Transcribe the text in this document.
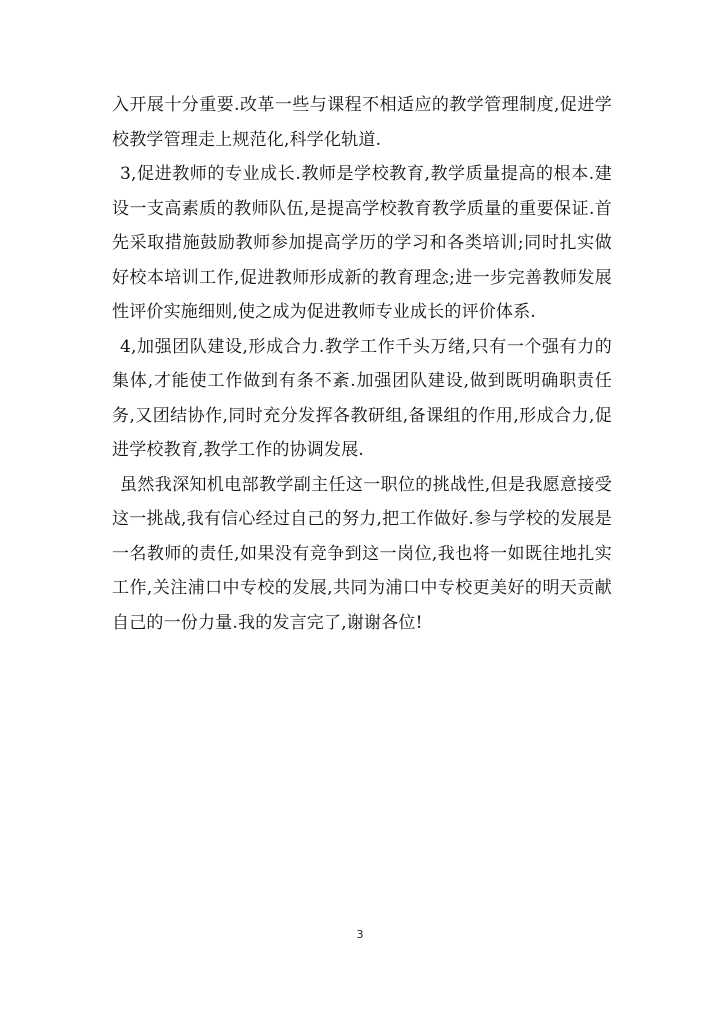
入开展十分重要.改革一些与课程不相适应的教学管理制度,促进学校教学管理走上规范化,科学化轨道.

3,促进教师的专业成长.教师是学校教育,教学质量提高的根本.建设一支高素质的教师队伍,是提高学校教育教学质量的重要保证.首先采取措施鼓励教师参加提高学历的学习和各类培训;同时扎实做好校本培训工作,促进教师形成新的教育理念;进一步完善教师发展性评价实施细则,使之成为促进教师专业成长的评价体系.

4,加强团队建设,形成合力.教学工作千头万绪,只有一个强有力的集体,才能使工作做到有条不紊.加强团队建设,做到既明确职责任务,又团结协作,同时充分发挥各教研组,备课组的作用,形成合力,促进学校教育,教学工作的协调发展.

虽然我深知机电部教学副主任这一职位的挑战性,但是我愿意接受这一挑战,我有信心经过自己的努力,把工作做好.参与学校的发展是一名教师的责任,如果没有竞争到这一岗位,我也将一如既往地扎实工作,关注浦口中专校的发展,共同为浦口中专校更美好的明天贡献自己的一份力量.我的发言完了,谢谢各位!

3
